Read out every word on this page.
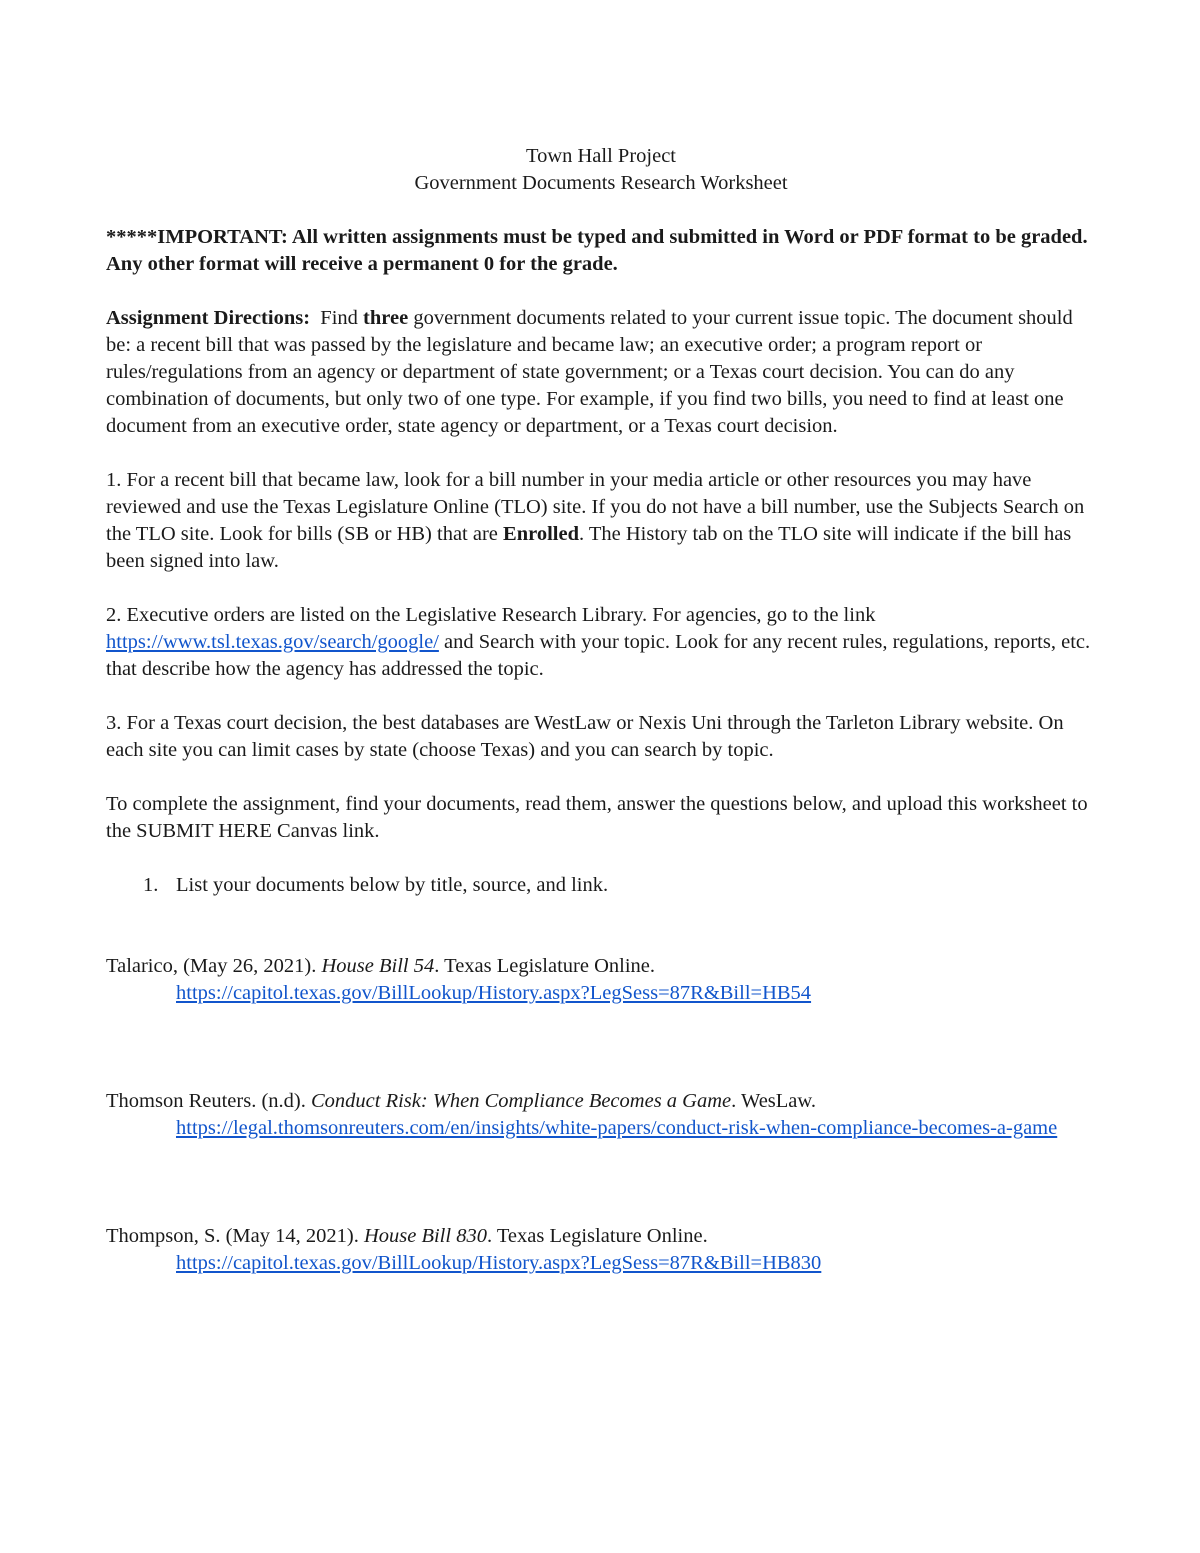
Town Hall Project

Government Documents Research Worksheet

*****IMPORTANT: All written assignments must be typed and submitted in Word or PDF format to be graded. Any other format will receive a permanent 0 for the grade.

Assignment Directions:  Find three government documents related to your current issue topic. The document should be: a recent bill that was passed by the legislature and became law; an executive order; a program report or rules/regulations from an agency or department of state government; or a Texas court decision. You can do any combination of documents, but only two of one type. For example, if you find two bills, you need to find at least one document from an executive order, state agency or department, or a Texas court decision.

1. For a recent bill that became law, look for a bill number in your media article or other resources you may have reviewed and use the Texas Legislature Online (TLO) site. If you do not have a bill number, use the Subjects Search on the TLO site. Look for bills (SB or HB) that are Enrolled. The History tab on the TLO site will indicate if the bill has been signed into law.

2. Executive orders are listed on the Legislative Research Library. For agencies, go to the link https://www.tsl.texas.gov/search/google/ and Search with your topic. Look for any recent rules, regulations, reports, etc. that describe how the agency has addressed the topic.

3. For a Texas court decision, the best databases are WestLaw or Nexis Uni through the Tarleton Library website. On each site you can limit cases by state (choose Texas) and you can search by topic.

To complete the assignment, find your documents, read them, answer the questions below, and upload this worksheet to the SUBMIT HERE Canvas link.

1. List your documents below by title, source, and link.

Talarico, (May 26, 2021). House Bill 54. Texas Legislature Online.

https://capitol.texas.gov/BillLookup/History.aspx?LegSess=87R&Bill=HB54

Thomson Reuters. (n.d). Conduct Risk: When Compliance Becomes a Game. WesLaw.

https://legal.thomsonreuters.com/en/insights/white-papers/conduct-risk-when-compliance-becomes-a-game

Thompson, S. (May 14, 2021). House Bill 830. Texas Legislature Online.

https://capitol.texas.gov/BillLookup/History.aspx?LegSess=87R&Bill=HB830
